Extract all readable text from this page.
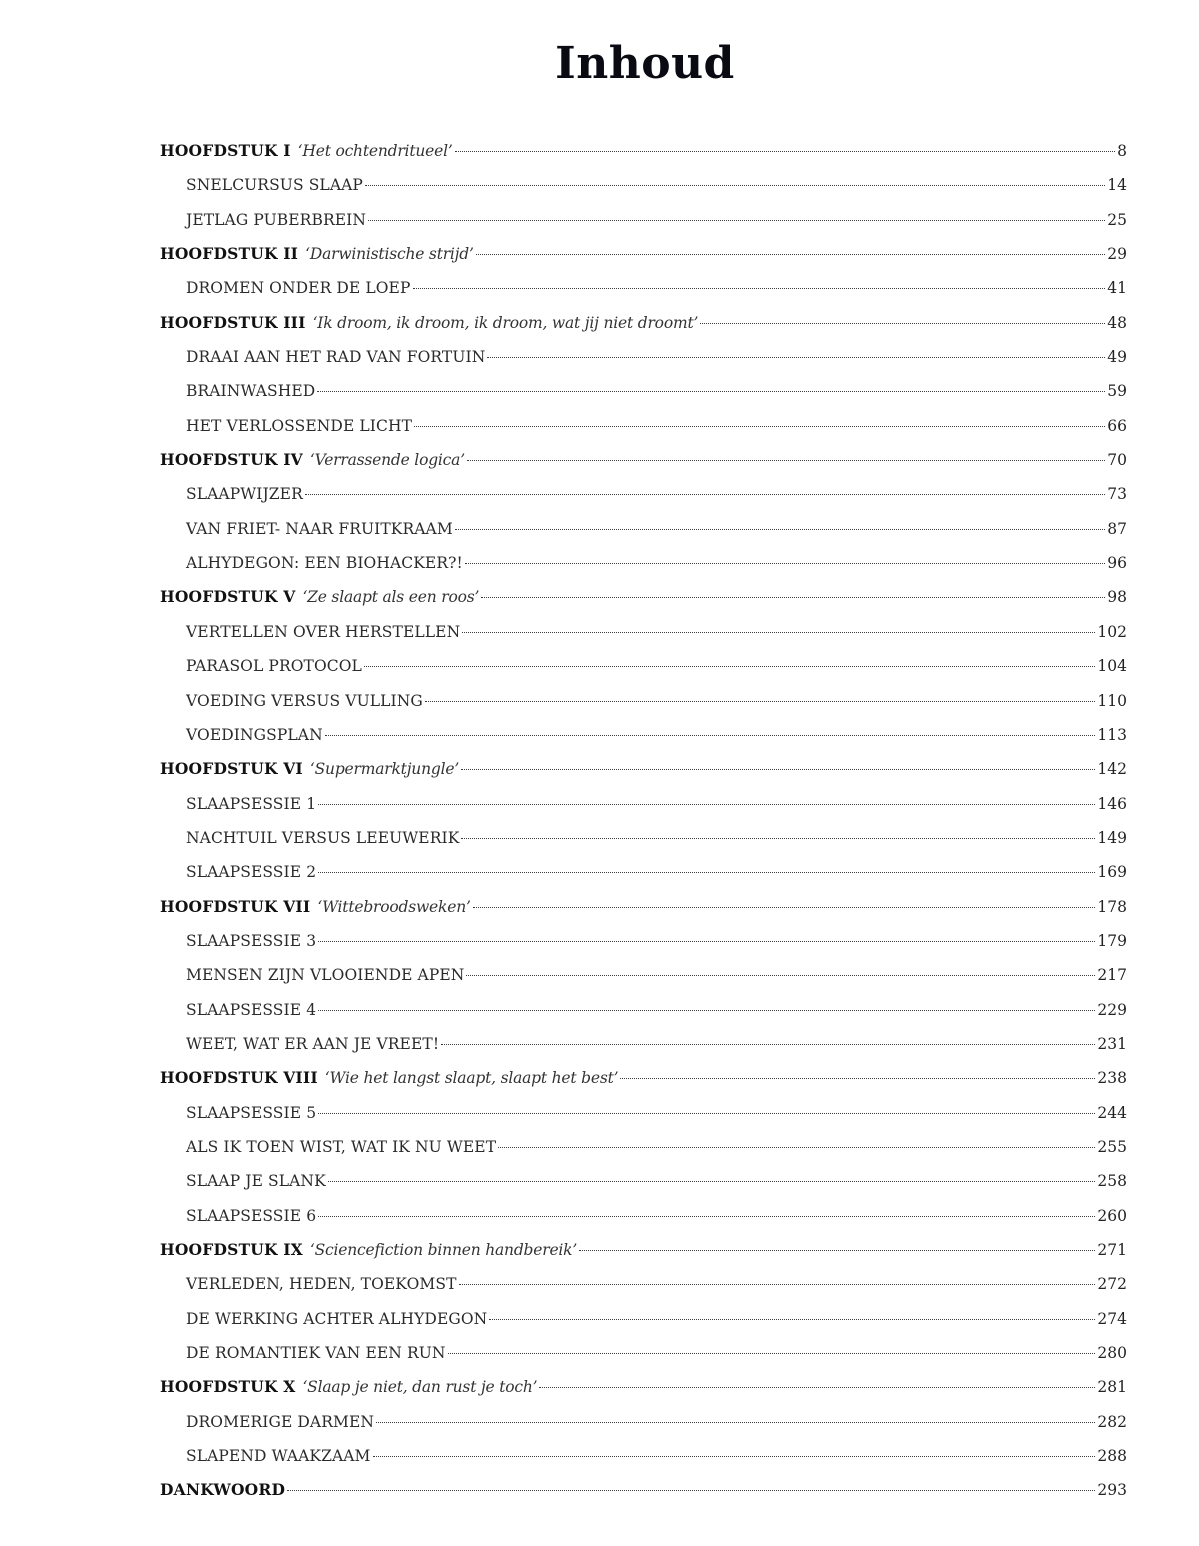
Inhoud
HOOFDSTUK I ‘Het ochtendritueel’	8
SNELCURSUS SLAAP	14
JETLAG PUBERBREIN	25
HOOFDSTUK II ‘Darwinistische strijd’	29
DROMEN ONDER DE LOEP	41
HOOFDSTUK III ‘Ik droom, ik droom, ik droom, wat jij niet droomt’	48
DRAAI AAN HET RAD VAN FORTUIN	49
BRAINWASHED	59
HET VERLOSSENDE LICHT	66
HOOFDSTUK IV ‘Verrassende logica’	70
SLAAPWIJZER	73
VAN FRIET- NAAR FRUITKRAAM	87
ALHYDEGON: EEN BIOHACKER?!	96
HOOFDSTUK V ‘Ze slaapt als een roos’	98
VERTELLEN OVER HERSTELLEN	102
PARASOL PROTOCOL	104
VOEDING VERSUS VULLING	110
VOEDINGSPLAN	113
HOOFDSTUK VI ‘Supermarktjungle’	142
SLAAPSESSIE 1	146
NACHTUIL VERSUS LEEUWERIK	149
SLAAPSESSIE 2	169
HOOFDSTUK VII ‘Wittebroodsweken’	178
SLAAPSESSIE 3	179
MENSEN ZIJN VLOOIENDE APEN	217
SLAAPSESSIE 4	229
WEET, WAT ER AAN JE VREET!	231
HOOFDSTUK VIII ‘Wie het langst slaapt, slaapt het best’	238
SLAAPSESSIE 5	244
ALS IK TOEN WIST, WAT IK NU WEET	255
SLAAP JE SLANK	258
SLAAPSESSIE 6	260
HOOFDSTUK IX ‘Sciencefiction binnen handbereik’	271
VERLEDEN, HEDEN, TOEKOMST	272
DE WERKING ACHTER ALHYDEGON	274
DE ROMANTIEK VAN EEN RUN	280
HOOFDSTUK X ‘Slaap je niet, dan rust je toch’	281
DROMERIGE DARMEN	282
SLAPEND WAAKZAAM	288
DANKWOORD	293
